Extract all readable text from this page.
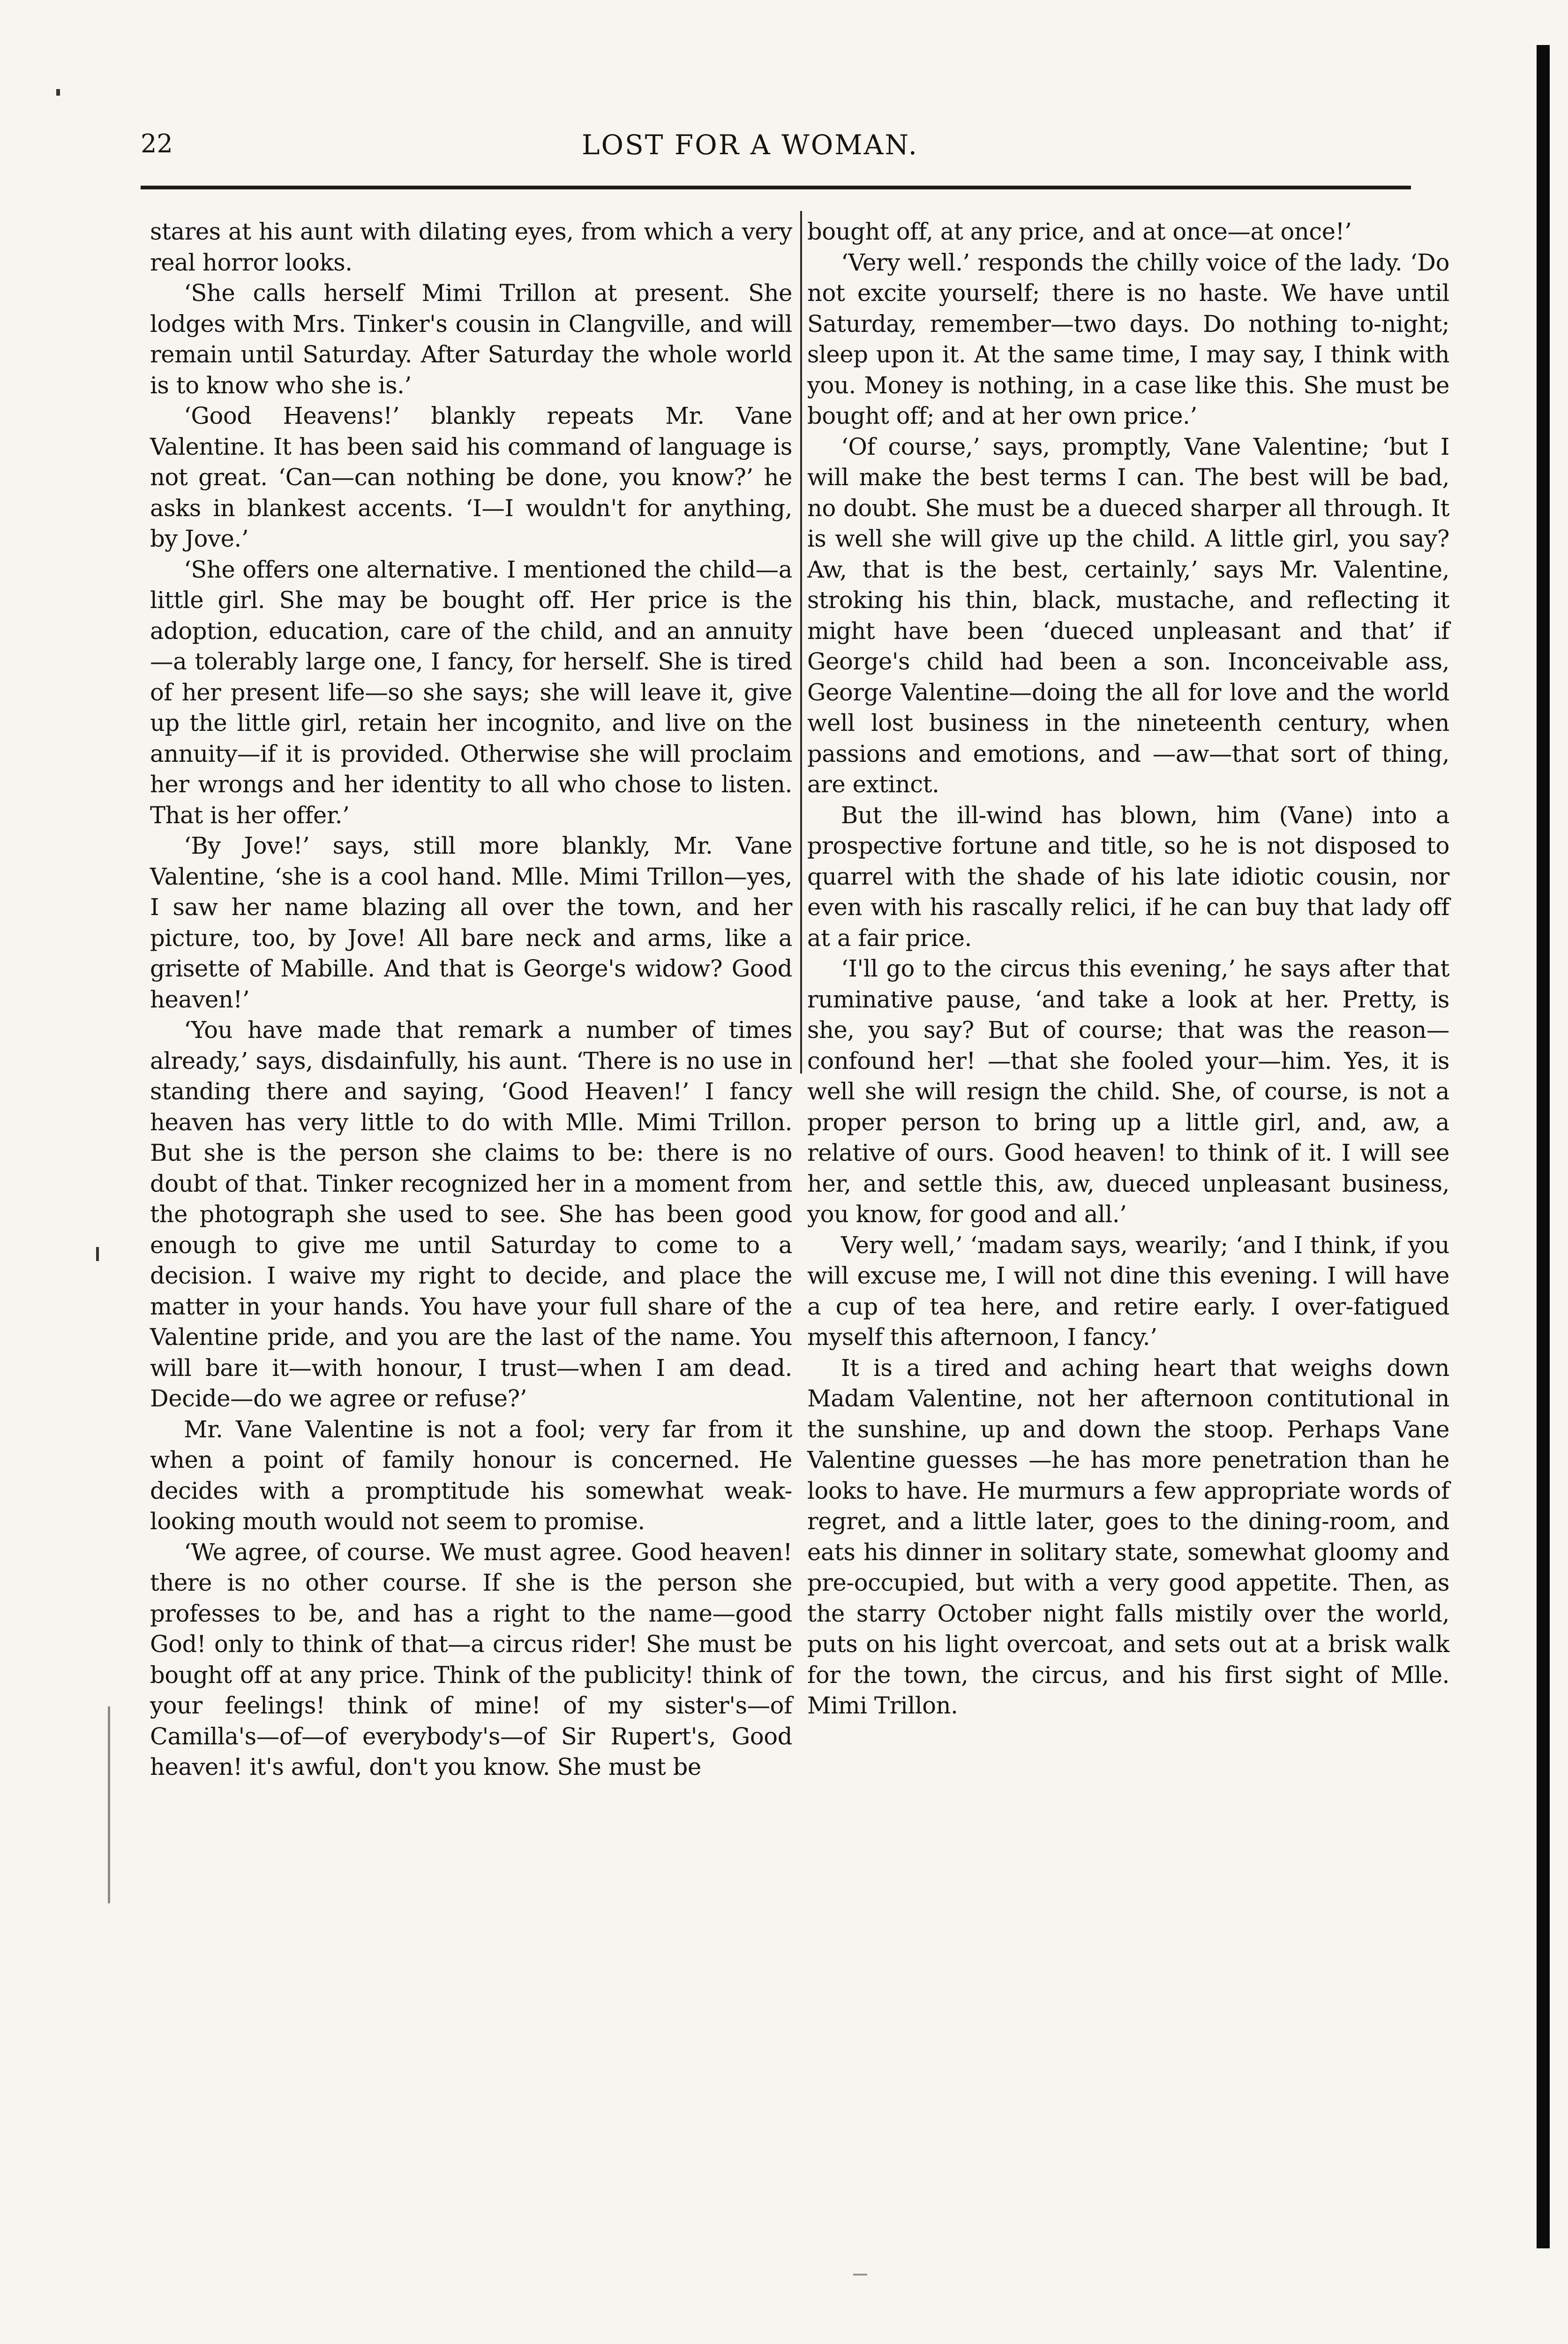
22	LOST FOR A WOMAN.

stares at his aunt with dilating eyes, from which a very real horror looks.

‘She calls herself Mimi Trillon at present. She lodges with Mrs. Tinker's cousin in Clangville, and will remain until Saturday. After Saturday the whole world is to know who she is.’

‘Good Heavens!’ blankly repeats Mr. Vane Valentine. It has been said his command of language is not great. ‘Can—can nothing be done, you know?’ he asks in blankest accents. ‘I—I wouldn't for anything, by Jove.’

‘She offers one alternative. I mentioned the child—a little girl. She may be bought off. Her price is the adoption, education, care of the child, and an annuity—a tolerably large one, I fancy, for herself. She is tired of her present life—so she says; she will leave it, give up the little girl, retain her incognito, and live on the annuity—if it is provided. Otherwise she will proclaim her wrongs and her identity to all who chose to listen. That is her offer.’

‘By Jove!’ says, still more blankly, Mr. Vane Valentine, ‘she is a cool hand. Mlle. Mimi Trillon—yes, I saw her name blazing all over the town, and her picture, too, by Jove! All bare neck and arms, like a grisette of Mabille. And that is George's widow? Good heaven!’

‘You have made that remark a number of times already,’ says, disdainfully, his aunt. ‘There is no use in standing there and saying, ‘Good Heaven!’ I fancy heaven has very little to do with Mlle. Mimi Trillon. But she is the person she claims to be: there is no doubt of that. Tinker recognized her in a moment from the photograph she used to see. She has been good enough to give me until Saturday to come to a decision. I waive my right to decide, and place the matter in your hands. You have your full share of the Valentine pride, and you are the last of the name. You will bare it—with honour, I trust—when I am dead. Decide—do we agree or refuse?’

Mr. Vane Valentine is not a fool; very far from it when a point of family honour is concerned. He decides with a promptitude his somewhat weak-looking mouth would not seem to promise.

‘We agree, of course. We must agree. Good heaven! there is no other course. If she is the person she professes to be, and has a right to the name—good God! only to think of that—a circus rider! She must be bought off at any price. Think of the publicity! think of your feelings! think of mine! of my sister's—of Camilla's—of—of everybody's—of Sir Rupert's, Good heaven! it's awful, don't you know. She must be

bought off, at any price, and at once—at once!’

‘Very well.’ responds the chilly voice of the lady. ‘Do not excite yourself; there is no haste. We have until Saturday, remember—two days. Do nothing to-night; sleep upon it. At the same time, I may say, I think with you. Money is nothing, in a case like this. She must be bought off; and at her own price.’

‘Of course,’ says, promptly, Vane Valentine; ‘but I will make the best terms I can. The best will be bad, no doubt. She must be a dueced sharper all through. It is well she will give up the child. A little girl, you say? Aw, that is the best, certainly,’ says Mr. Valentine, stroking his thin, black, mustache, and reflecting it might have been ‘dueced unpleasant and that’ if George's child had been a son. Inconceivable ass, George Valentine—doing the all for love and the world well lost business in the nineteenth century, when passions and emotions, and —aw—that sort of thing, are extinct.

But the ill-wind has blown, him (Vane) into a prospective fortune and title, so he is not disposed to quarrel with the shade of his late idiotic cousin, nor even with his rascally relici, if he can buy that lady off at a fair price.

‘I'll go to the circus this evening,’ he says after that ruminative pause, ‘and take a look at her. Pretty, is she, you say? But of course; that was the reason—confound her! —that she fooled your—him. Yes, it is well she will resign the child. She, of course, is not a proper person to bring up a little girl, and, aw, a relative of ours. Good heaven! to think of it. I will see her, and settle this, aw, dueced unpleasant business, you know, for good and all.’

Very well,’ ‘madam says, wearily; ‘and I think, if you will excuse me, I will not dine this evening. I will have a cup of tea here, and retire early. I over-fatigued myself this afternoon, I fancy.’

It is a tired and aching heart that weighs down Madam Valentine, not her afternoon contitutional in the sunshine, up and down the stoop. Perhaps Vane Valentine guesses —he has more penetration than he looks to have. He murmurs a few appropriate words of regret, and a little later, goes to the dining-room, and eats his dinner in solitary state, somewhat gloomy and pre-occupied, but with a very good appetite. Then, as the starry October night falls mistily over the world, puts on his light overcoat, and sets out at a brisk walk for the town, the circus, and his first sight of Mlle. Mimi Trillon.
